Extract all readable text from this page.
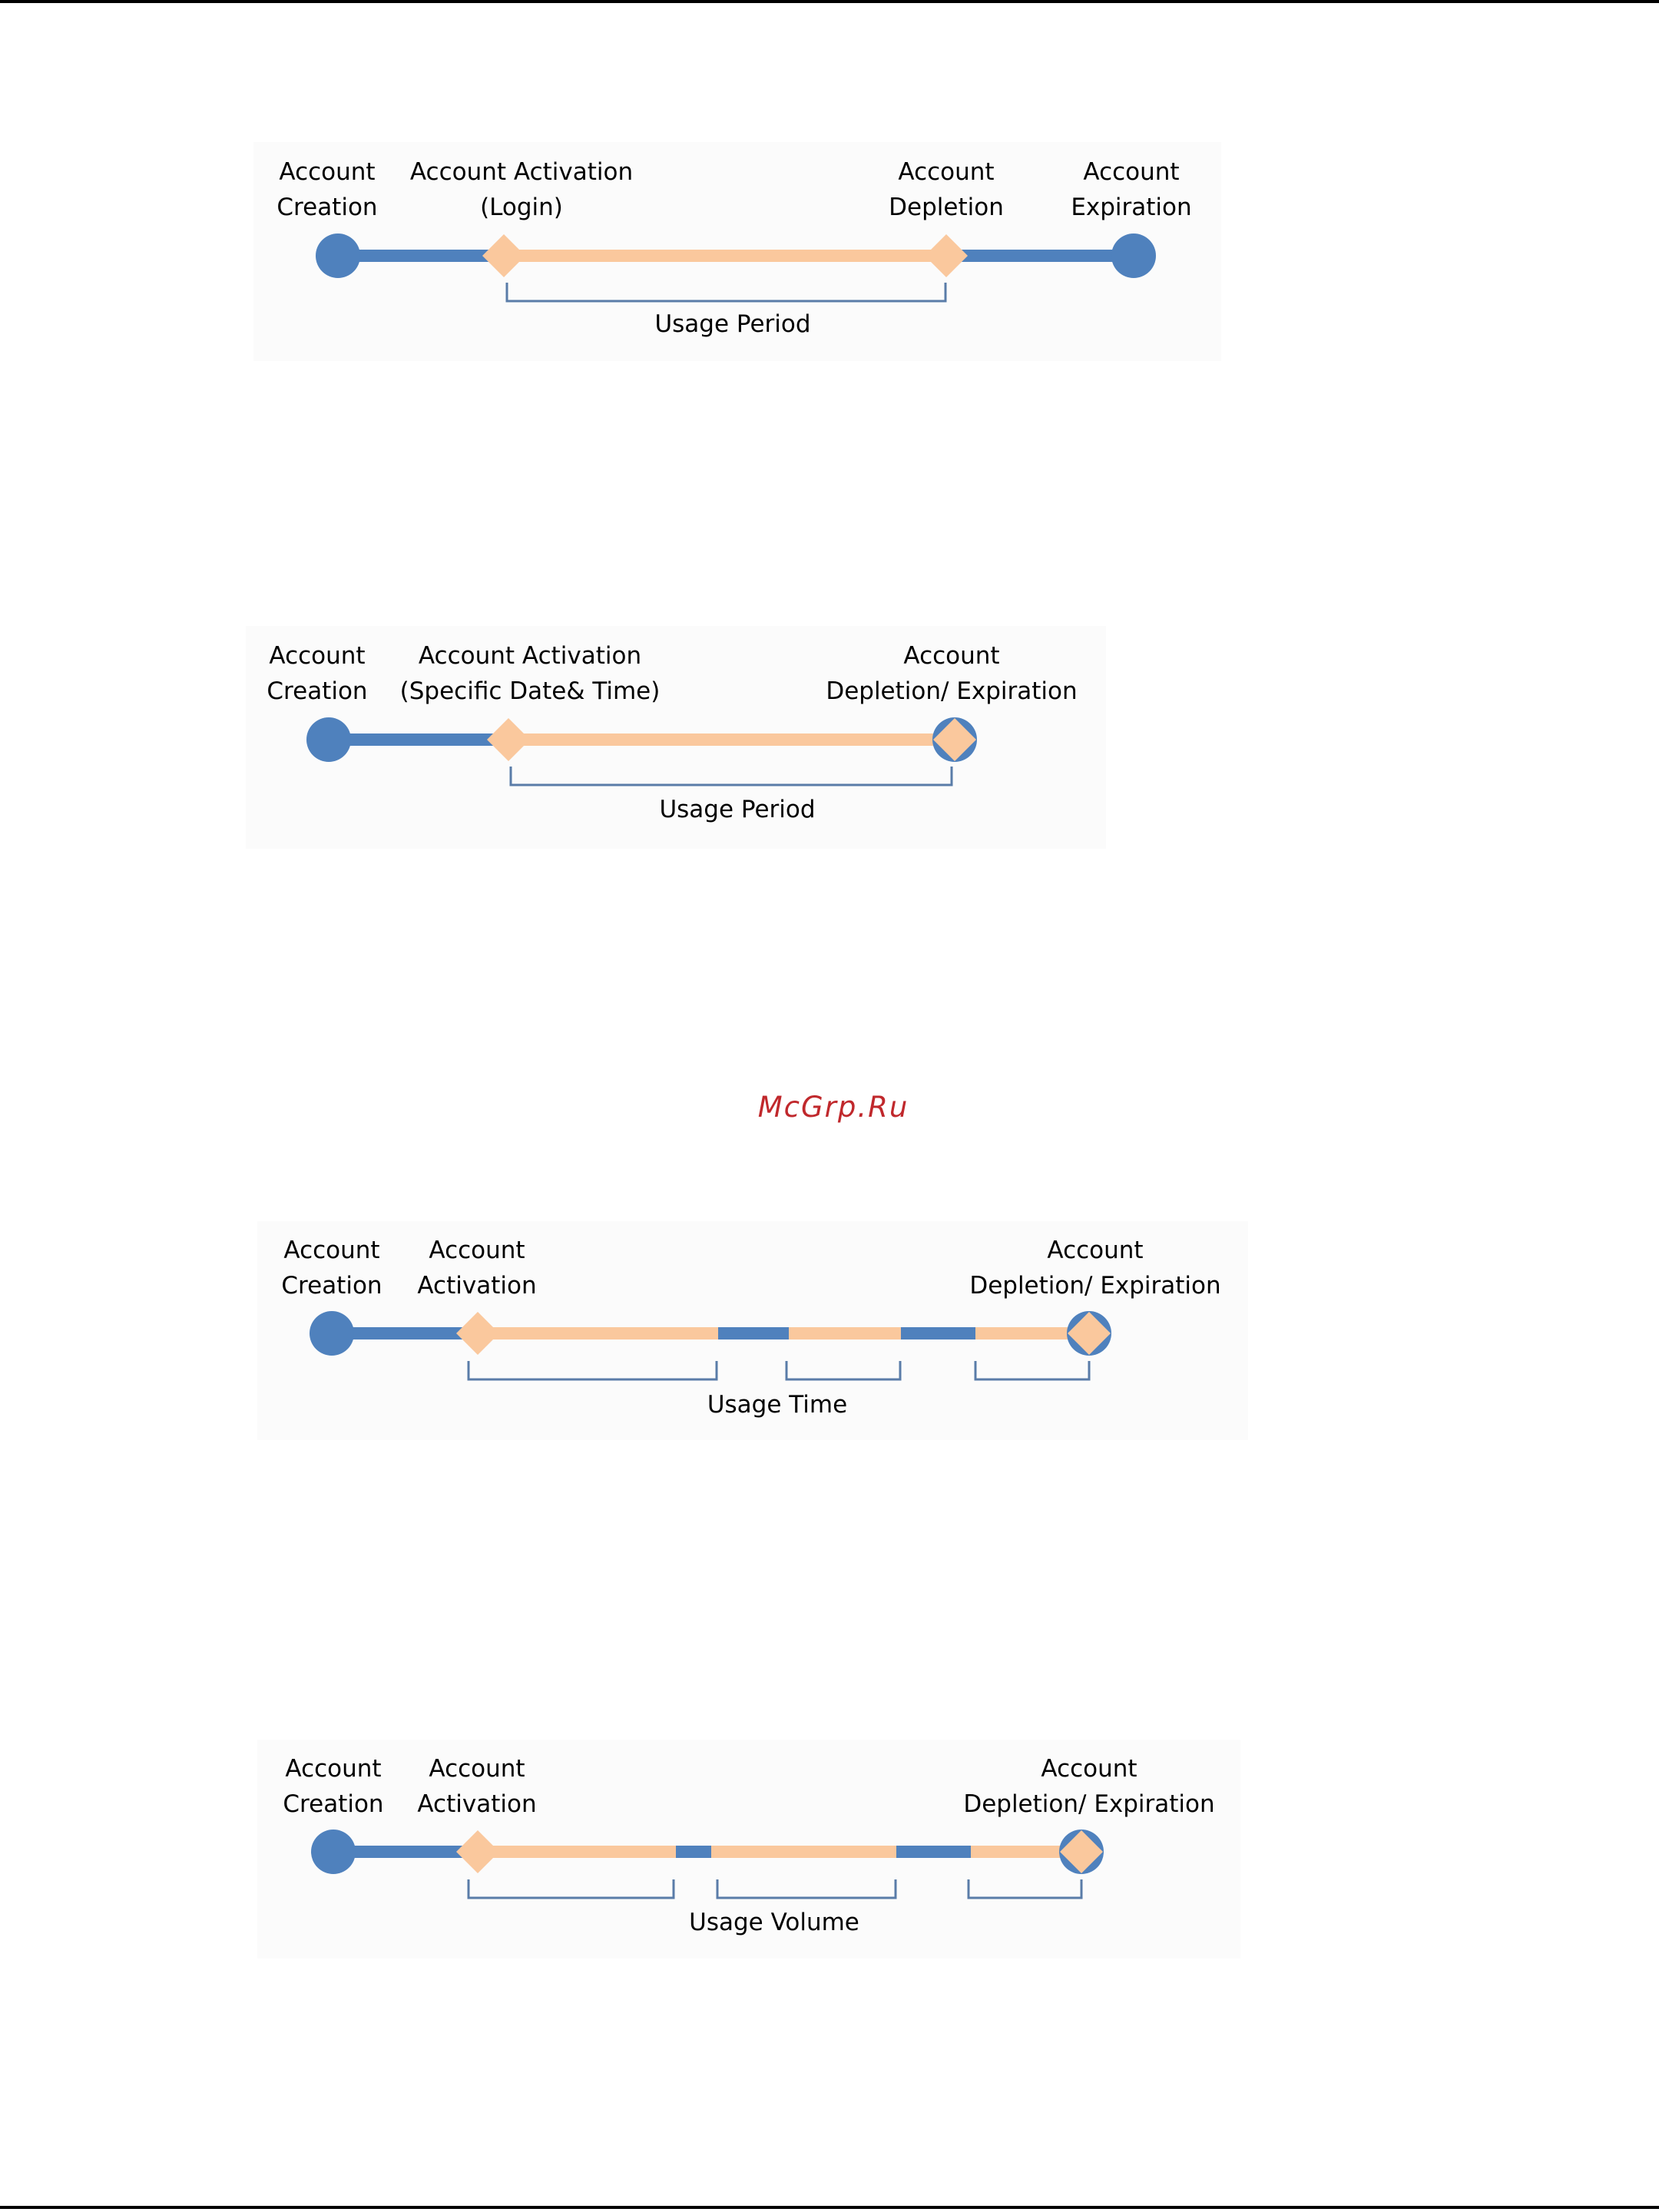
Account
Creation
Account Activation
(Login)
Account
Depletion
Account
Expiration
Usage Period
Account
Creation
Account Activation
(Specific Date& Time)
Account
Depletion/ Expiration
Usage Period
McGrp.Ru
Account
Creation
Account
Activation
Account
Depletion/ Expiration
Usage Time
Account
Creation
Account
Activation
Account
Depletion/ Expiration
Usage Volume
